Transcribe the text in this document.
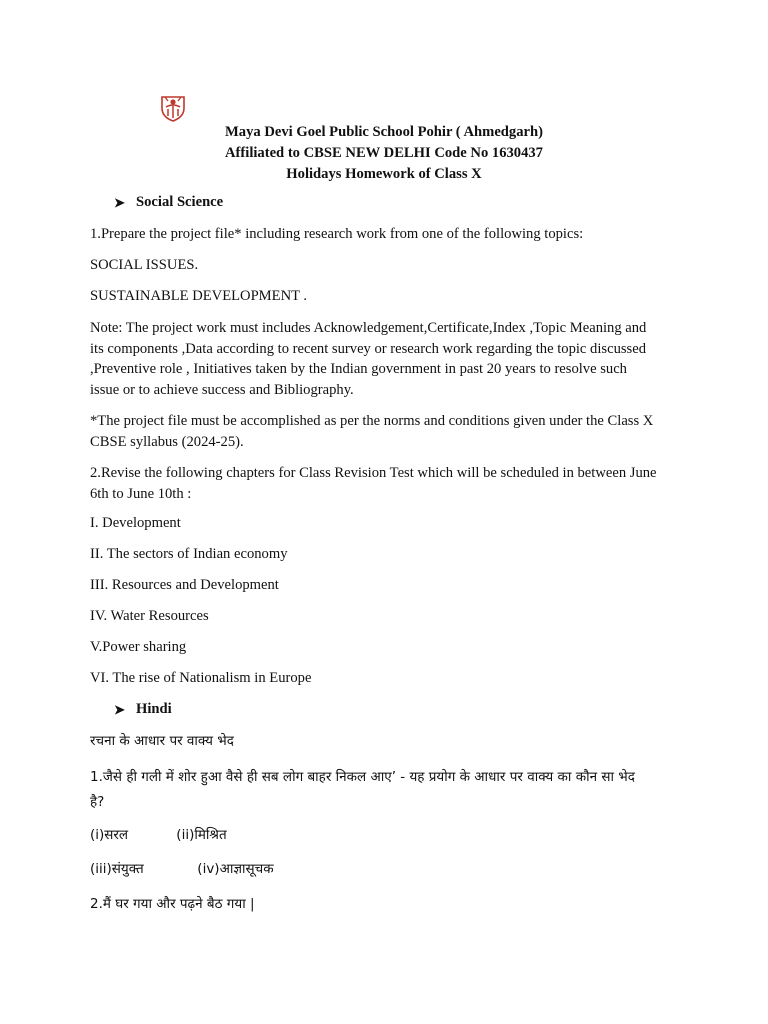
Maya Devi Goel Public School Pohir ( Ahmedgarh)
Affiliated to CBSE NEW DELHI Code No 1630437
Holidays Homework of Class X
➤ Social Science
1.Prepare the project file* including research work from one of the following topics:
SOCIAL ISSUES.
SUSTAINABLE DEVELOPMENT .
Note: The project work must includes Acknowledgement,Certificate,Index ,Topic Meaning and
its components ,Data according to recent survey or research work regarding the topic discussed
,Preventive role , Initiatives taken by the Indian government in past 20 years to resolve such
issue or to achieve success and Bibliography.
*The project file must be accomplished as per the norms and conditions given under the Class X
CBSE syllabus (2024-25).
2.Revise the following chapters for Class Revision Test which will be scheduled in between June
6th to June 10th :
I. Development
II. The sectors of Indian economy
III. Resources and Development
IV. Water Resources
V.Power sharing
VI. The rise of Nationalism in Europe
➤ Hindi
रचना के आधार पर वाक्य भेद
1.जैसे ही गली में शोर हुआ वैसे ही सब लोग बाहर निकल आए’ - यह प्रयोग के आधार पर वाक्य का कौन सा भेद
है?
(i)सरल	(ii)मिश्रित
(iii)संयुक्त	(iv)आज्ञासूचक
2.मैं घर गया और पढ़ने बैठ गया |
